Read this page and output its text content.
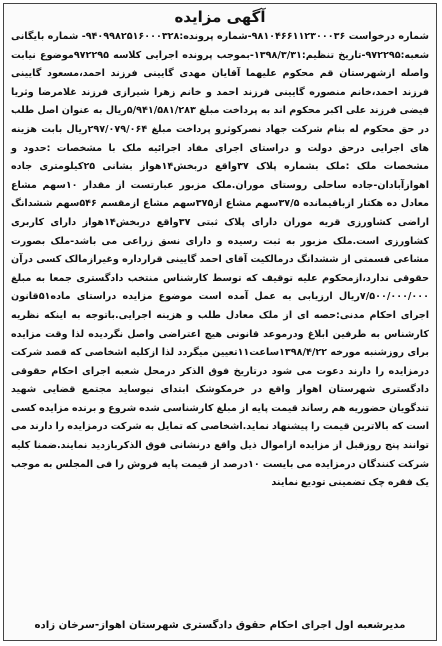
آگهی مزایده
شماره درخواست ۹۸۱۰۴۶۶۱۱۲۳۰۰۰۳۶-شماره پرونده:۹۴۰۹۹۸۲۵۱۶۰۰۰۳۲۸- شماره بایگانی شعبه:۹۷۲۲۹۵-تاریخ تنظیم:۱۳۹۸/۳/۳۱-بموجب پرونده اجرایی کلاسه ۹۷۲۲۹۵موضوع نیابت واصله ازشهرستان قم محکوم علیهما آقایان مهدی گایینی فرزند احمد،مسعود گایینی فرزند احمد،خانم منصوره گایینی فرزند احمد و خانم زهرا شیرازی فرزند غلامرضا وثریا فیضی فرزند علی اکبر محکوم اند به پرداخت مبلغ ۵/۹۴۱/۵۸۱/۲۸۳ریال به عنوان اصل طلب در حق محکوم له بنام شرکت جهاد نصرکوثرو پرداخت مبلغ ۲۹۷/۰۷۹/۰۶۴ریال بابت هزینه های اجرایی درحق دولت و دراستای اجرای مفاد اجرائیه ملک با مشخصات :حدود و مشخصات ملک :ملک بشماره پلاک ۳۷واقع دربخش۱۴هواز بشانی ۲۵کیلومتری جاده اهوازآبادان-جاده ساحلی روستای موران.ملک مزبور عبارتست از مقدار ۱۰سهم مشاع معادل ده هکتار ازباقیمانده ۳۷/۵سهم مشاع از۳۷۵سهم مشاع ازمقسم ۵۴۶سهم ششدانگ اراضی کشاورزی قریه موران دارای پلاک ثبتی ۳۷واقع دربخش۱۴هواز دارای کاربری کشاورزی است.ملک مزبور به ثبت رسیده و دارای نسق زراعی می باشد-ملک بصورت مشاعی قسمتی از ششدانگ درمالکیت آقای احمد گایینی قرارداره وغیرازمالک کسی درآن حقوقی ندارد،ازمحکوم علیه توقیف که توسط کارشناس منتخب دادگستری جمعا به مبلغ ۷/۵۰۰/۰۰۰/۰۰۰ریال ارزیابی به عمل آمده است موضوع مزایده دراستای ماده۵۱قانون اجرای احکام مدنی:حصه ای از ملک معادل طلب و هزینه اجرایی.باتوجه به اینکه نظریه کارشناس به طرفین ابلاغ ودرموعد قانونی هیچ اعتراضی واصل نگردیده لذا وقت مزایده برای روزشنبه مورخه ۱۳۹۸/۴/۲۲ساعت۱۱تعیین میگردد لذا ازکلیه اشخاصی که قصد شرکت درمزایده را دارند دعوت می شود درتاریخ فوق الذکر درمحل شعبه اجرای احکام حقوقی دادگستری شهرستان اهواز واقع در خرمکوشک ابتدای نیوساید مجتمع قضایی شهید تندگویان حضوریه هم رساند قیمت پایه از مبلغ کارشناسی شده شروع و برنده مزایده کسی است که بالاترین قیمت را پیشنهاد نماید.اشخاصی که تمایل به شرکت درمزایده را دارند می توانند پنج روزقبل از مزایده ازاموال ذیل واقع درنشانی فوق الذکربازدید نمایند.ضمنا کلیه شرکت کنندگان درمزایده می بایست ۱۰درصد از قیمت پایه فروش را فی المجلس به موجب یک فقره چک تضمینی تودیع نمایند
مدیرشعبه اول اجرای احکام حقوق دادگستری شهرستان اهواز-سرخان زاده
